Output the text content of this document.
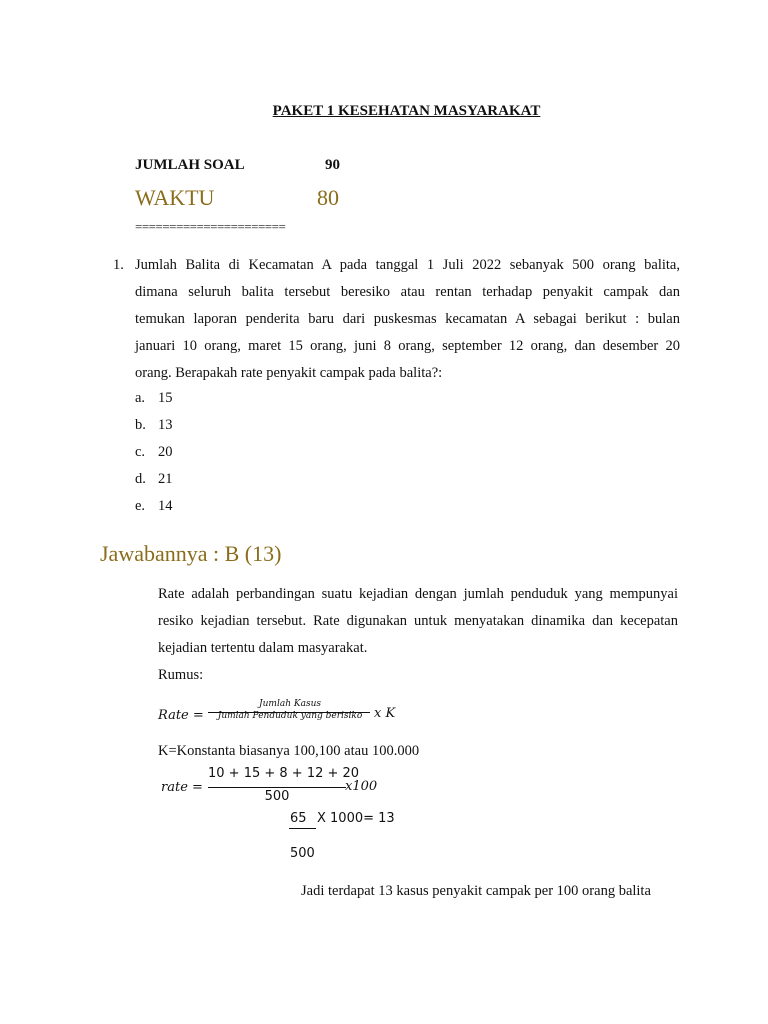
PAKET 1 KESEHATAN MASYARAKAT
JUMLAH SOAL	90
WAKTU	80
======================
1. Jumlah Balita di Kecamatan A pada tanggal 1 Juli 2022 sebanyak 500 orang balita,
dimana seluruh balita tersebut beresiko atau rentan terhadap penyakit campak dan
temukan laporan penderita baru dari puskesmas kecamatan A sebagai berikut : bulan
januari 10 orang, maret 15 orang, juni 8 orang, september 12 orang, dan desember 20
orang. Berapakah rate penyakit campak pada balita?:
a. 15
b. 13
c. 20
d. 21
e. 14
Jawabannya : B (13)
Rate adalah perbandingan suatu kejadian dengan jumlah penduduk yang mempunyai
resiko kejadian tersebut. Rate digunakan untuk menyatakan dinamika dan kecepatan
kejadian tertentu dalam masyarakat.
Rumus:
Rate =
Jumlah Kasus
Jumlah Penduduk yang berisiko x K
K=Konstanta biasanya 100,100 atau 100.000
rate =
10 + 15 + 8 + 12 + 20
500
x100
65 X 1000= 13
500
Jadi terdapat 13 kasus penyakit campak per 100 orang balita
